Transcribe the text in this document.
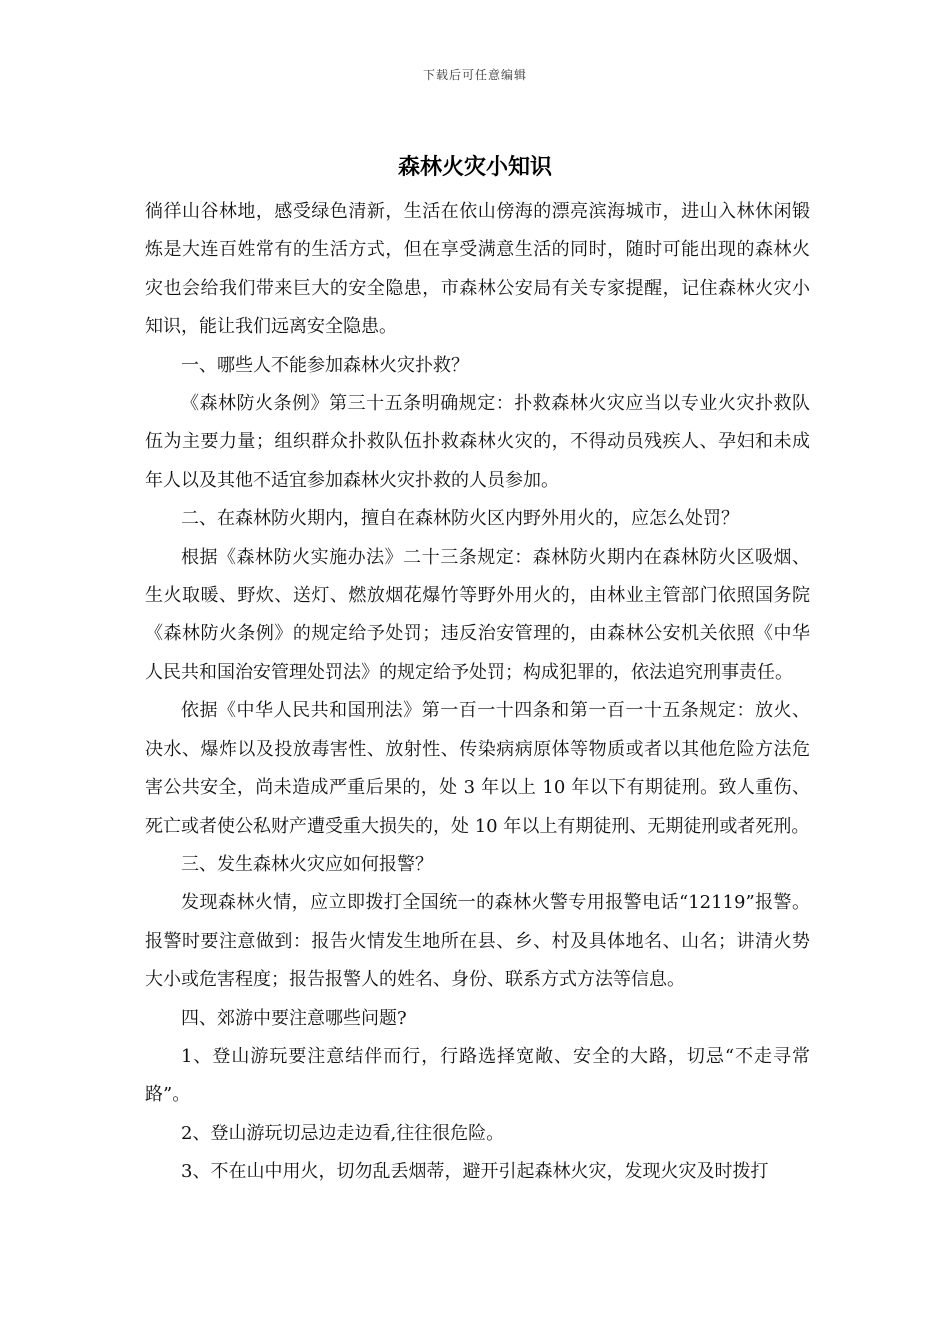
下载后可任意编辑
森林火灾小知识

徜徉山谷林地，感受绿色清新，生活在依山傍海的漂亮滨海城市，进山入林休闲锻炼是大连百姓常有的生活方式，但在享受满意生活的同时，随时可能出现的森林火灾也会给我们带来巨大的安全隐患，市森林公安局有关专家提醒，记住森林火灾小知识，能让我们远离安全隐患。

一、哪些人不能参加森林火灾扑救？

《森林防火条例》第三十五条明确规定：扑救森林火灾应当以专业火灾扑救队伍为主要力量；组织群众扑救队伍扑救森林火灾的，不得动员残疾人、孕妇和未成年人以及其他不适宜参加森林火灾扑救的人员参加。

二、在森林防火期内，擅自在森林防火区内野外用火的，应怎么处罚？

根据《森林防火实施办法》二十三条规定：森林防火期内在森林防火区吸烟、生火取暖、野炊、送灯、燃放烟花爆竹等野外用火的，由林业主管部门依照国务院《森林防火条例》的规定给予处罚；违反治安管理的，由森林公安机关依照《中华人民共和国治安管理处罚法》的规定给予处罚；构成犯罪的，依法追究刑事责任。

依据《中华人民共和国刑法》第一百一十四条和第一百一十五条规定：放火、决水、爆炸以及投放毒害性、放射性、传染病病原体等物质或者以其他危险方法危害公共安全，尚未造成严重后果的，处 3 年以上 10 年以下有期徒刑。致人重伤、死亡或者使公私财产遭受重大损失的，处 10 年以上有期徒刑、无期徒刑或者死刑。

三、发生森林火灾应如何报警？

发现森林火情，应立即拨打全国统一的森林火警专用报警电话“12119”报警。报警时要注意做到：报告火情发生地所在县、乡、村及具体地名、山名；讲清火势大小或危害程度；报告报警人的姓名、身份、联系方式方法等信息。

四、郊游中要注意哪些问题?

1、登山游玩要注意结伴而行，行路选择宽敞、安全的大路，切忌“不走寻常路”。

2、登山游玩切忌边走边看,往往很危险。

3、不在山中用火，切勿乱丢烟蒂，避开引起森林火灾，发现火灾及时拨打
